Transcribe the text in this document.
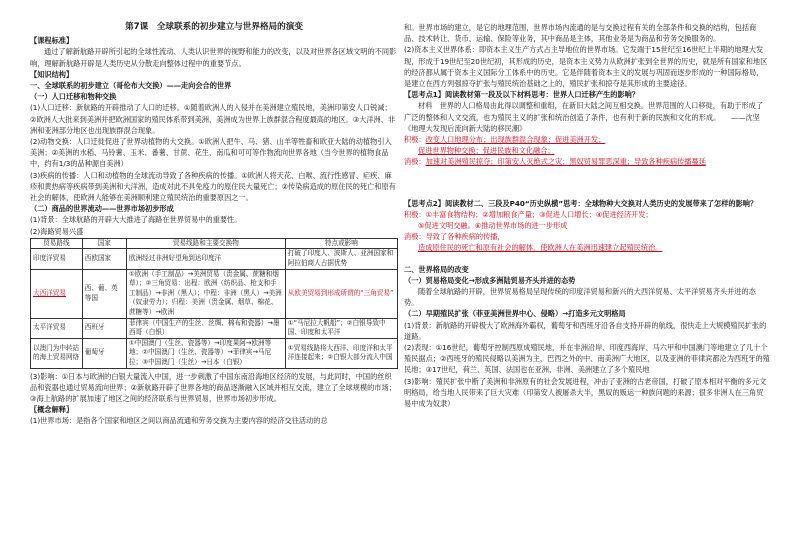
第7课　全球联系的初步建立与世界格局的演变

【课程标准】

通过了解新航路开辟所引起的全球性流动、人类认识世界的视野和能力的改变，以及对世界各区域文明的不同影响，理解新航路开辟是人类历史从分散走向整体过程中的重要节点。

【知识结构】

一、全球联系的初步建立（哥伦布大交换）——走向会合的世界

（一）人口迁移和物种交换

(1)人口迁移：新航路的开辟推动了人口的迁移。①随着欧洲人的入侵并在美洲建立殖民地，美洲印第安人口锐减；②欧洲人大批来到美洲并把欧洲国家的殖民体系带到美洲，美洲成为世界上族群混合程度最高的地区。③大洋洲、非洲和亚洲部分地区也出现族群混合现象。

(2)动物交换：人口迁徙促进了世界动植物的大交换。①欧洲人把牛、马、猪、山羊等牲畜和欧亚大陆的动植物引入美洲；②美洲的水稻、马铃薯、玉米、番薯、甘蔗、花生、南瓜和可可等作物流向世界各地（当今世界的植物食品中，约有1/3的品种源自美洲）

(3)疾病的传播：人口和动植物的全球流动导致了各种疾病的传播。①欧洲人将天花、白喉、流行性感冒、疟疾、麻疹和黄热病等疾病带到美洲和大洋洲，造成对此不具免疫力的原住民大量死亡；②传染病造成的原住民的死亡和原有社会的解体，使欧洲人能够在美洲顺利建立殖民统治的重要原因之一。

（二）商品的世界流动——世界市场初步形成

(1)背景：全球航路的开辟大大推进了海路在世界贸易中的重要性。

(2)海路贸易兴盛

贸易路线	国家	贸易线路和主要交换物	特点或影响
印度洋贸易	西欧国家	欧洲经过非洲好望角到达印度洋	打破了印度人、波斯人、亚洲国家和阿拉伯商人占据优势
大西洋贸易	西、葡、英等国	①欧洲（手工制品）→美洲贸易（贵金属、蔗糖和烟草）；②三角贸易：出程：欧洲（纺织品、枪支和手工制品）→非洲（黑人）；中程：非洲（黑人）→美洲（奴隶劳力）；归程：美洲（贵金属、烟草、棉花、蔗糖等）→欧洲	从欧美贸易到形成所谓的“三角贸易”
太平洋贸易	西班牙	菲律宾（中国生产的生丝、丝绸、棉布和瓷器）→墨西哥（白银）	①“马尼拉大帆船”；②白银导致中国、印度和太平洋
以澳门为中转站的海上贸易网络	葡萄牙	①中国澳门（生丝、瓷器等）→印度果阿→欧洲等地；②中国澳门（生丝、瓷器等）→菲律宾→马尼拉；③中国澳门（生丝）→日本（白银）	①贸易线路将大西洋、印度洋和太平洋连接起来；②白银大部分流入中国

(3)影响：①日本与欧洲的白银大量流入中国，进一步刺激了中国东南沿海地区经济的发展，与此同时，中国的丝织品和瓷器也通过贸易流向世界；②新航路开辟了世界各地的商品逐渐融入区域并相互交流，建立了全球规模的市场；③海上航路的扩展加速了地区之间的经济联系与世界贸易，世界市场初步形成。

〖概念解释〗

(1)世界市场：是指各个国家和地区之间以商品流通和劳务交换为主要内容的经济交往活动的总

和。世界市场的建立，是它的地理范围，世界市场内流通的是与交换过程有关的全部条件和交换的结构，包括商品、技术转让、货币、运输、保险等业务，其中商品是主体，其他业务是为商品和劳务交换服务的。

(2)资本主义世界体系：即资本主义生产方式占主导地位的世界市场。它发端于15世纪至16世纪上半期的地理大发现，形成于19世纪至20世纪初，其形成的历史，是资本主义势力从欧洲扩张到全世界的历史，就是所有国家和地区的经济都从属于资本主义国际分工体系中的历史。它是伴随着资本主义的发展与巩固而逐步形成的一种国际格局，是建立在西方列强掠夺扩张与殖民统治基础之上的，殖民扩张和掠夺是其形成的主要途径。

【思考点1】阅读教材第一段及以下材料思考：世界人口迁移产生的影响？

材料　世界的人口格局由此得以调整和重组，在新旧大陆之间互相交换。世界范围的人口移徙，有助于形成了广泛的整体和人文交流，也为殖民主义的扩张和统治创造了条件，也有利于新的民族和文化的形成。　　——沈坚《地理大发现后流向新大陆的移民潮》

积极：改变人口地理分布；出现族群混合现象；促进美洲开发；

促进世界物种交换；促进民族和文化融合；

消极：加速对美洲殖民掠夺；印第安人灭绝式之灾；黑奴贸易罪恶深重；导致各种疾病传播蔓延

【思考点2】阅读教材二、三段及P40“历史纵横”思考：全球物种大交换对人类历史的发展带来了怎样的影响？

积极：①丰富食物结构；②增加粮食产量；③促进人口增长；④促进经济开发；

⑤促进文明交融。⑥推动世界市场的进一步形成

消极：导致了各种疾病的传播，

造成原住民的死亡和原有社会的解体，使欧洲人在美洲迅速建立起殖民统治。

二、世界格局的改变

（一）贸易格局变化→形成多洲陆贸易齐头并进的态势

随着全球航路的开辟，世界贸易格局呈现传统的印度洋贸易和新兴的大西洋贸易、太平洋贸易齐头并进的态势。

（二）早期殖民扩张（菲亚美洲世界中心、侵略）→打造多元文明格局

(1)背景：新航路的开辟极大了欧洲海外霸权，葡萄牙和西班牙沿各自支持开辟的航线，很快走上大规模殖民扩张的道路。

(2)表现：①16世纪，葡萄牙控制西原成殖民地，并在非洲沿岸、印度西海岸、马六甲和中国澳门等地建立了几十个殖民据点；②西班牙的殖民侵略以美洲为主，巴西之外的中、南美洲广大地区，以及亚洲的菲律宾都沦为西班牙的殖民地；③17世纪，荷兰、英国、法国也在亚洲、非洲、美洲建立了多个殖民地

(3)影响：殖民扩张中断了美洲和非洲原有的社会发展进程，冲击了亚洲的古老帝国，打破了原本相对平衡的多元文明格局，给当地人民带来了巨大灾难（印第安人被屠杀大半，黑奴的贩运一种族问题的来源；很多非洲人在三角贸易中成为奴隶）
